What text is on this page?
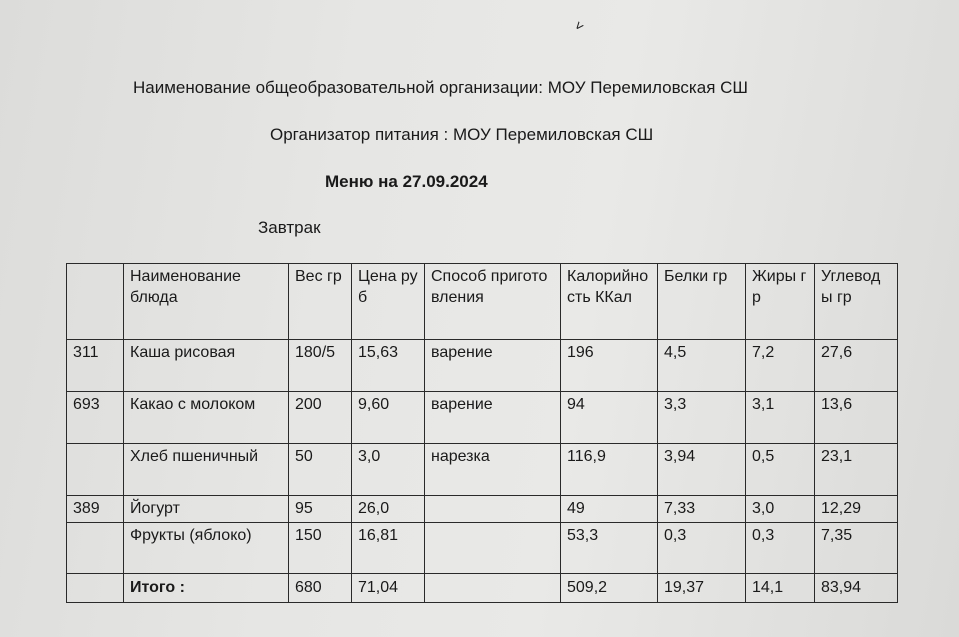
˅
Наименование общеобразовательной организации: МОУ Перемиловская СШ
Организатор питания : МОУ Перемиловская СШ
Меню на 27.09.2024
Завтрак
	Наименование блюда	Вес гр	Цена руб	Способ приготовления	Калорийность ККал	Белки гр	Жиры гр	Углеводы гр
311	Каша рисовая	180/5	15,63	варение	196	4,5	7,2	27,6
693	Какао с молоком	200	9,60	варение	94	3,3	3,1	13,6
	Хлеб пшеничный	50	3,0	нарезка	116,9	3,94	0,5	23,1
389	Йогурт	95	26,0		49	7,33	3,0	12,29
	Фрукты (яблоко)	150	16,81		53,3	0,3	0,3	7,35
	Итого :	680	71,04		509,2	19,37	14,1	83,94
